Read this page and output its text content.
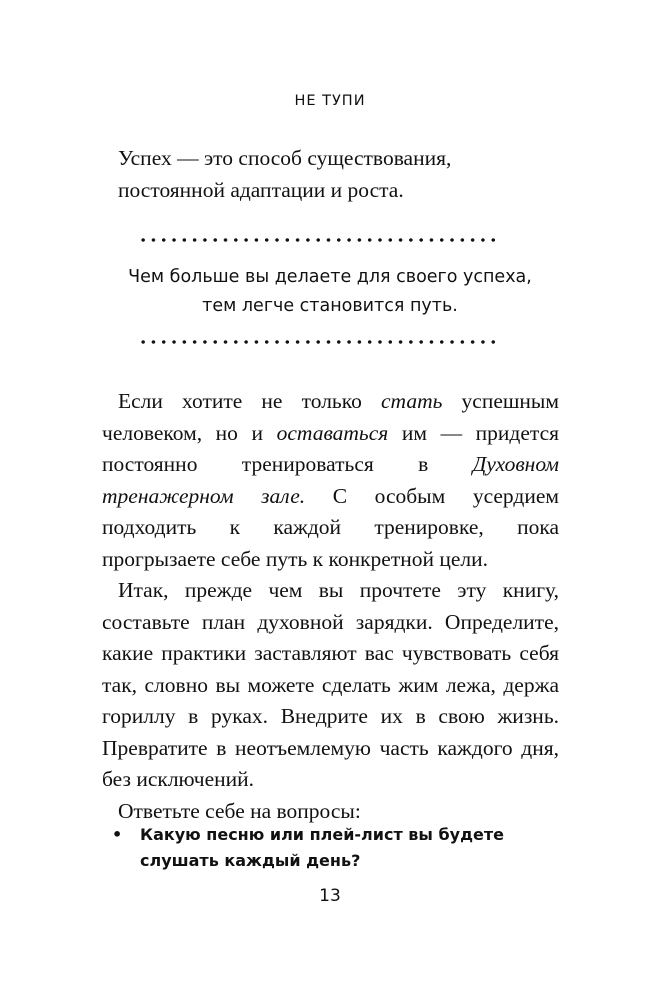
НЕ ТУПИ

Успех — это способ существования, постоянной адаптации и роста.

Чем больше вы делаете для своего успеха, тем легче становится путь.

Если хотите не только стать успешным человеком, но и оставаться им — придется постоянно тренироваться в Духовном тренажерном зале. С особым усердием подходить к каждой тренировке, пока прогрызаете себе путь к конкретной цели.

Итак, прежде чем вы прочтете эту книгу, составьте план духовной зарядки. Определите, какие практики заставляют вас чувствовать себя так, словно вы можете сделать жим лежа, держа гориллу в руках. Внедрите их в свою жизнь. Превратите в неотъемлемую часть каждого дня, без исключений.

Ответьте себе на вопросы:

• Какую песню или плей-лист вы будете слушать каждый день?
13
